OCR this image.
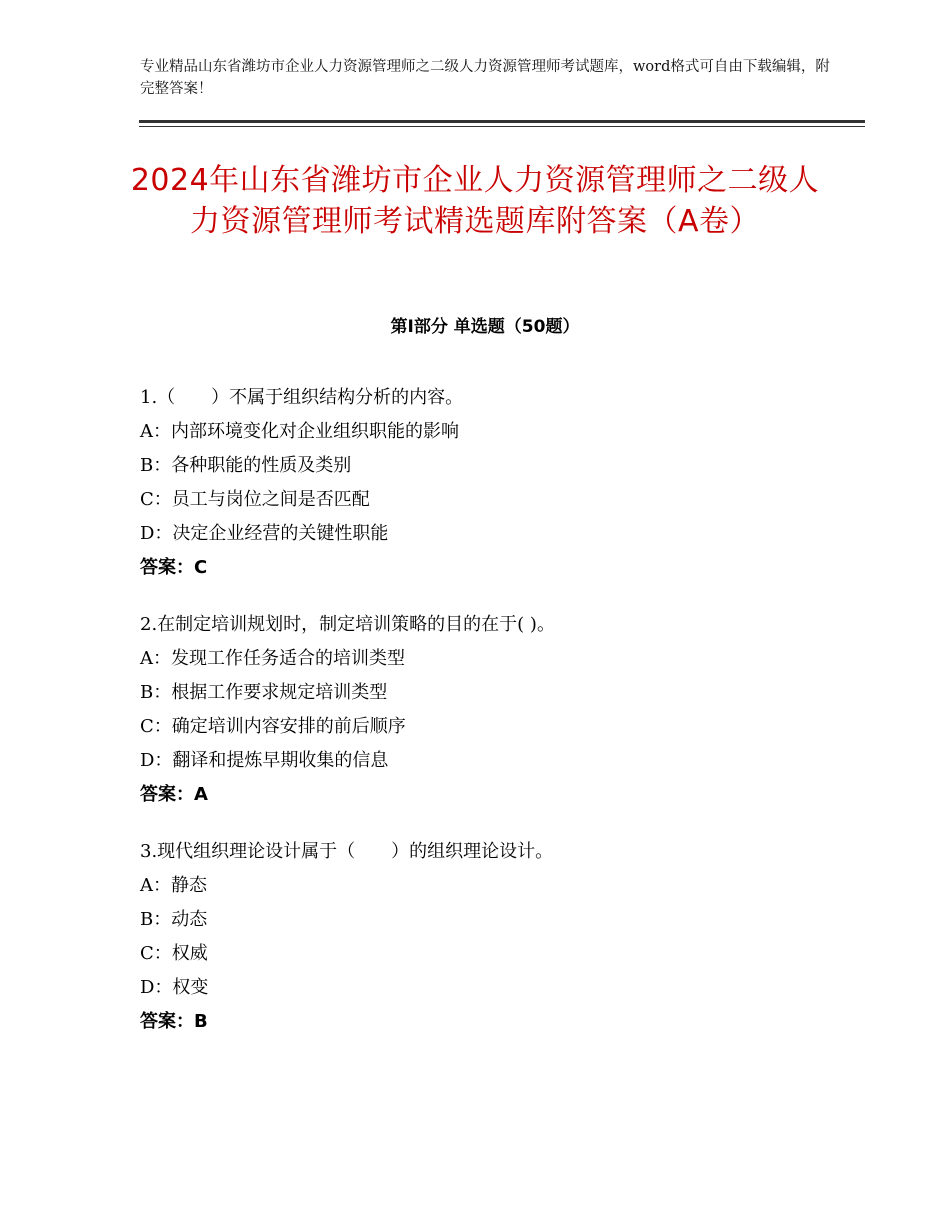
专业精品山东省潍坊市企业人力资源管理师之二级人力资源管理师考试题库，word格式可自由下载编辑，附完整答案！
2024年山东省潍坊市企业人力资源管理师之二级人力资源管理师考试精选题库附答案（A卷）
第Ⅰ部分 单选题（50题）
1.（　　）不属于组织结构分析的内容。
A：内部环境变化对企业组织职能的影响
B：各种职能的性质及类别
C：员工与岗位之间是否匹配
D：决定企业经营的关键性职能
答案：C
2.在制定培训规划时，制定培训策略的目的在于( )。
A：发现工作任务适合的培训类型
B：根据工作要求规定培训类型
C：确定培训内容安排的前后顺序
D：翻译和提炼早期收集的信息
答案：A
3.现代组织理论设计属于（　　）的组织理论设计。
A：静态
B：动态
C：权威
D：权变
答案：B
